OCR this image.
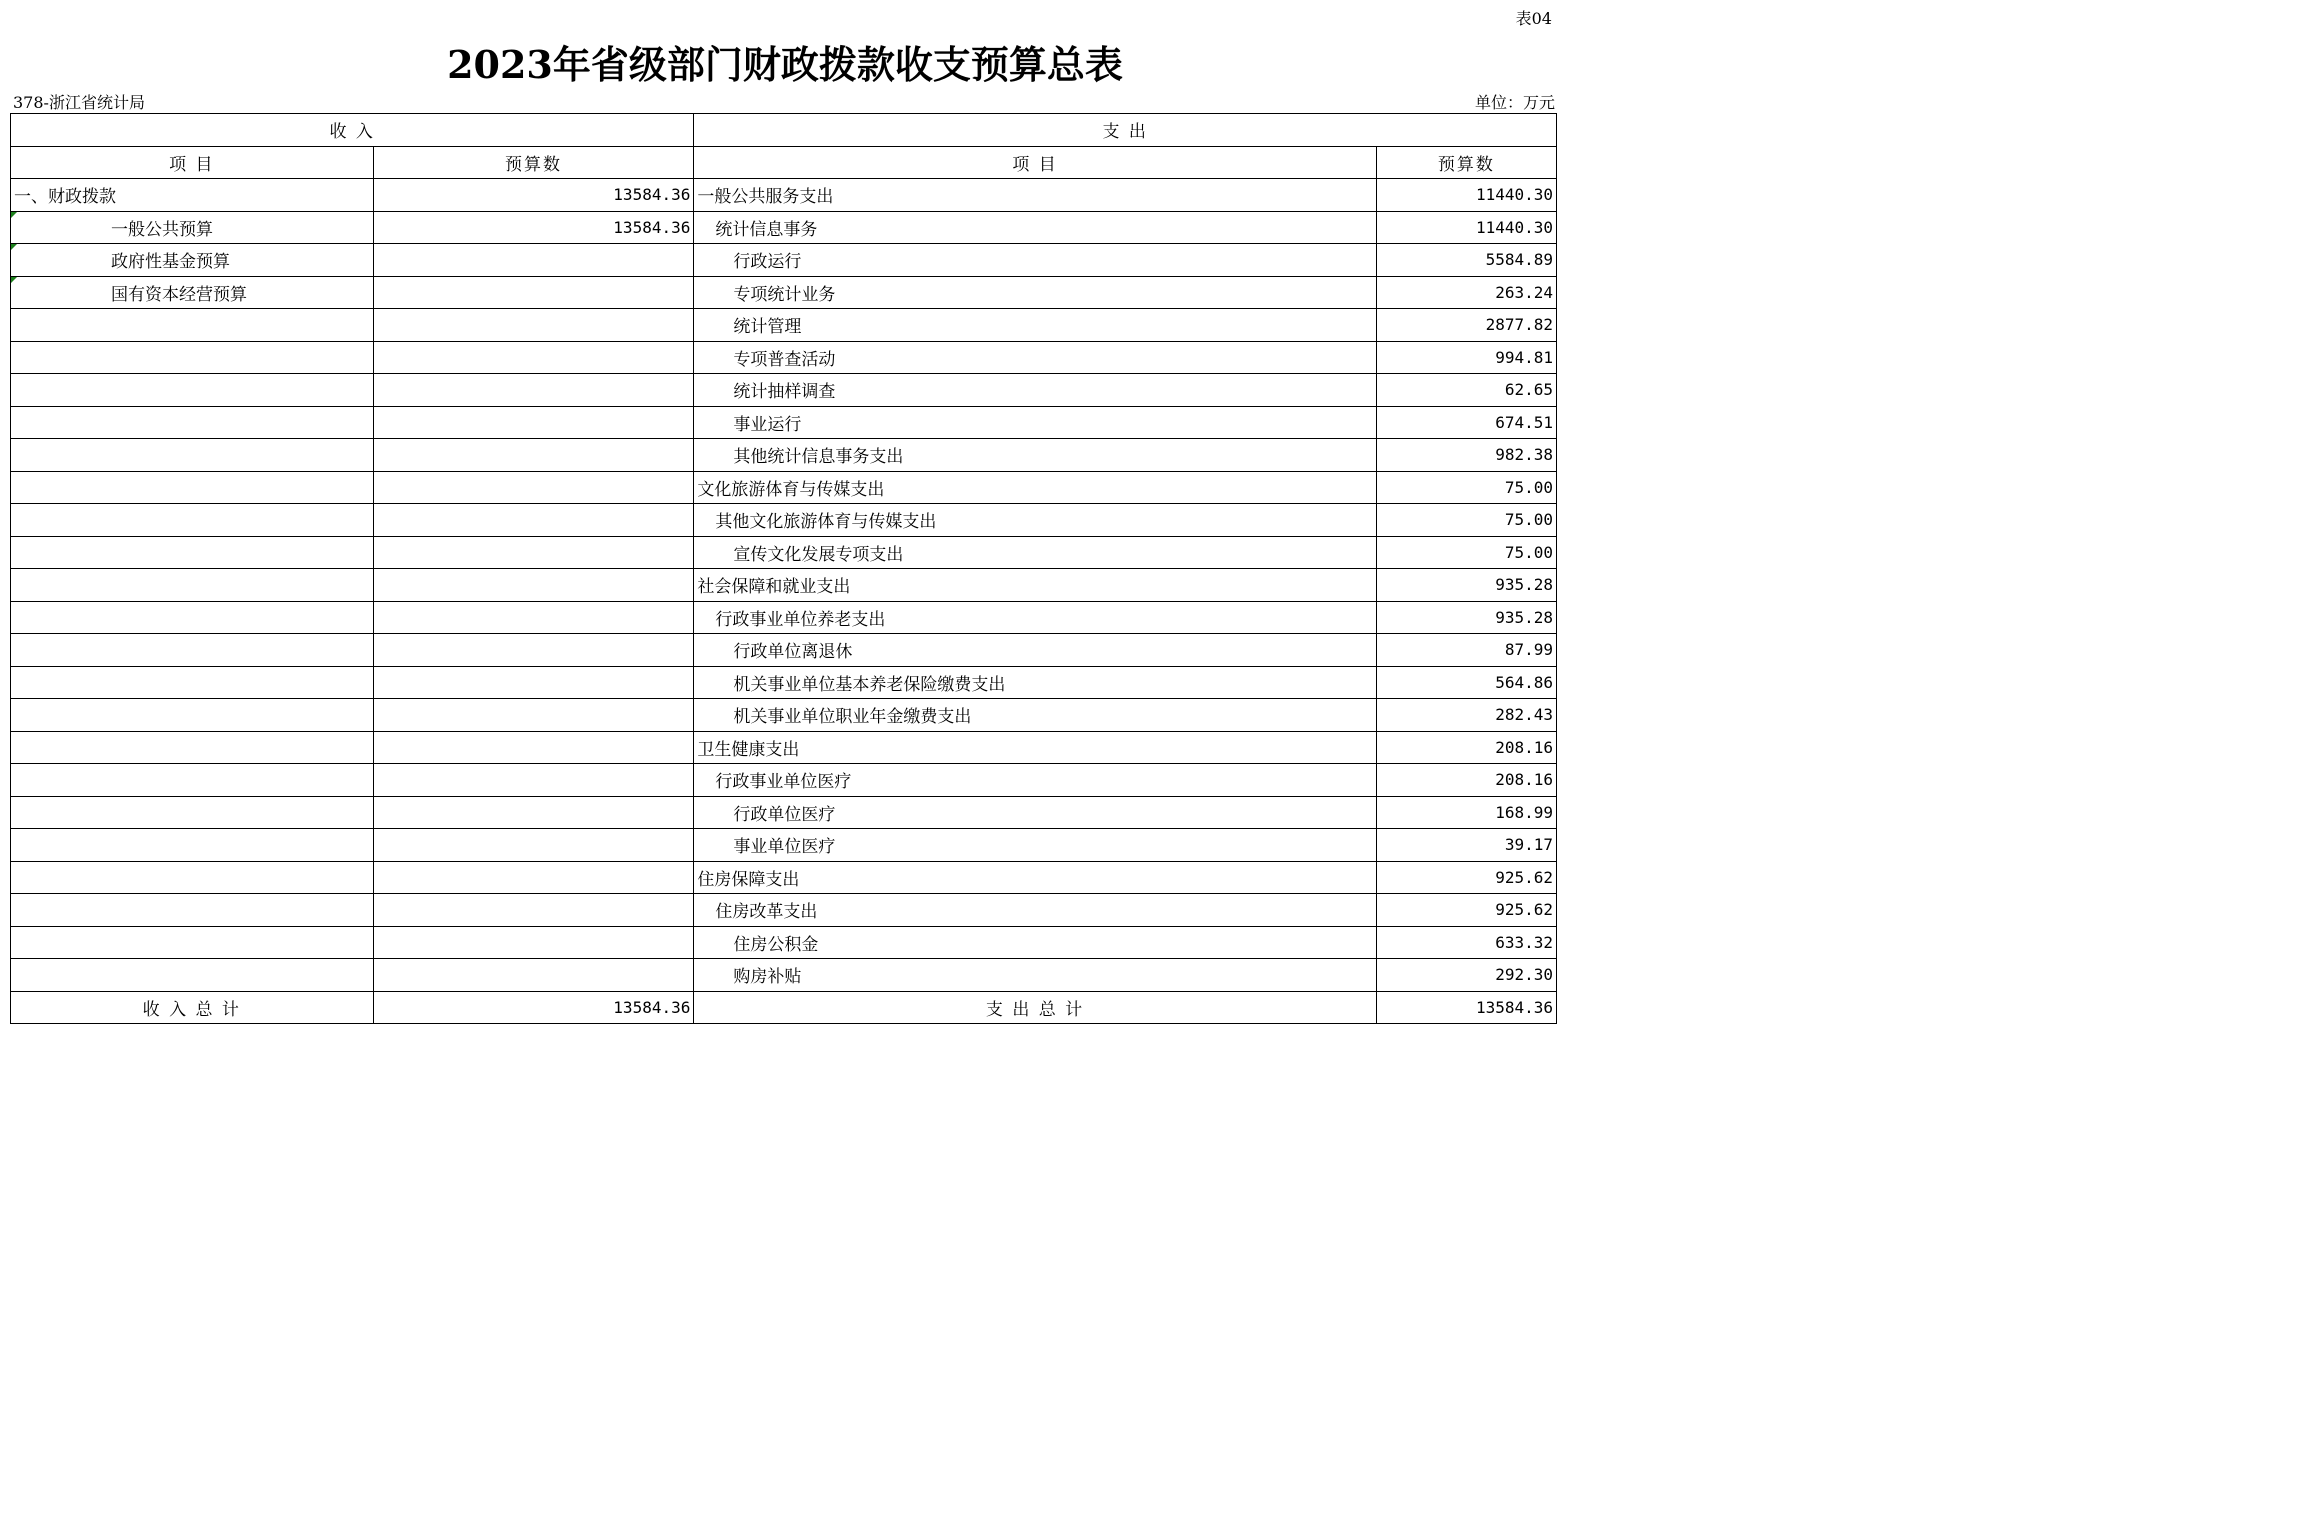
表04
2023年省级部门财政拨款收支预算总表
378-浙江省统计局	单位：万元
收 入		支 出	
项 目	预算数	项 目	预算数
一、财政拨款	13584.36	一般公共服务支出	11440.30

一般公共预算	13584.36	统计信息事务	11440.30

政府性基金预算		行政运行	5584.89

国有资本经营预算		专项统计业务	263.24
		统计管理	2877.82
		专项普查活动	994.81
		统计抽样调查	62.65
		事业运行	674.51
		其他统计信息事务支出	982.38
		文化旅游体育与传媒支出	75.00
		其他文化旅游体育与传媒支出	75.00
		宣传文化发展专项支出	75.00
		社会保障和就业支出	935.28
		行政事业单位养老支出	935.28
		行政单位离退休	87.99
		机关事业单位基本养老保险缴费支出	564.86
		机关事业单位职业年金缴费支出	282.43
		卫生健康支出	208.16
		行政事业单位医疗	208.16
		行政单位医疗	168.99
		事业单位医疗	39.17
		住房保障支出	925.62
		住房改革支出	925.62
		住房公积金	633.32
		购房补贴	292.30
收 入 总 计	13584.36	支 出 总 计	13584.36
